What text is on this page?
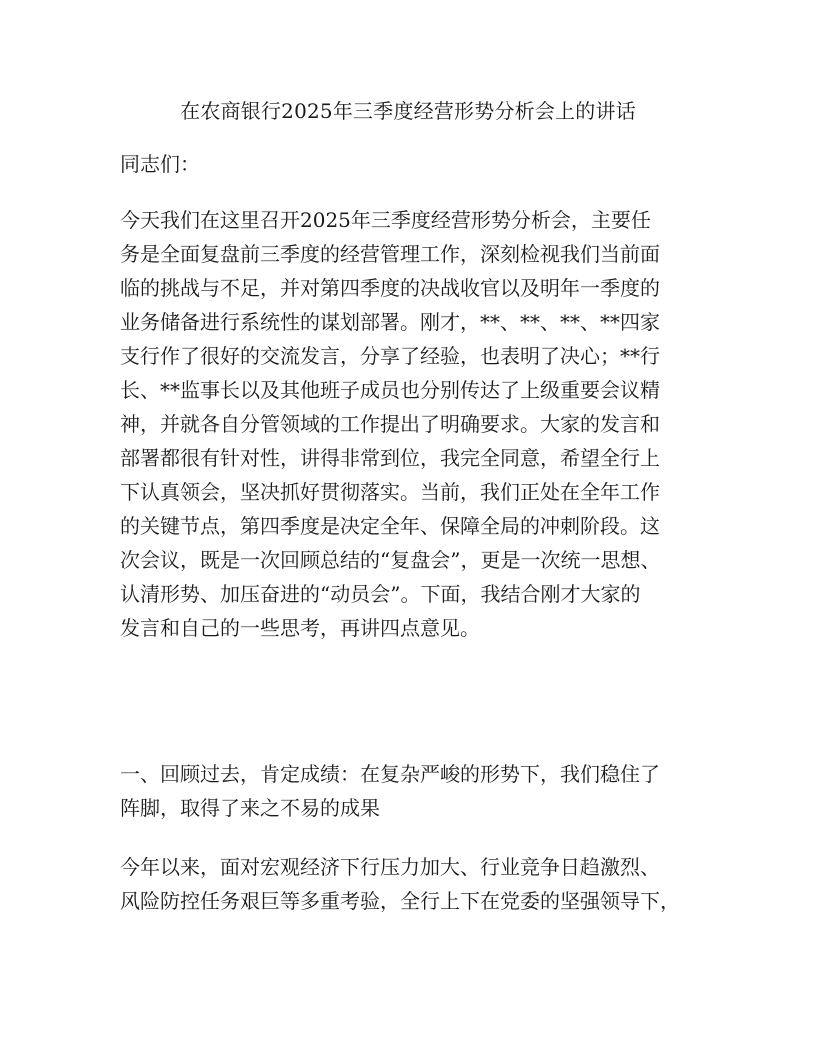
在农商银行2025年三季度经营形势分析会上的讲话
同志们：
今天我们在这里召开2025年三季度经营形势分析会，主要任
务是全面复盘前三季度的经营管理工作，深刻检视我们当前面
临的挑战与不足，并对第四季度的决战收官以及明年一季度的
业务储备进行系统性的谋划部署。刚才，**、**、**、**四家
支行作了很好的交流发言，分享了经验，也表明了决心；**行
长、**监事长以及其他班子成员也分别传达了上级重要会议精
神，并就各自分管领域的工作提出了明确要求。大家的发言和
部署都很有针对性，讲得非常到位，我完全同意，希望全行上
下认真领会，坚决抓好贯彻落实。当前，我们正处在全年工作
的关键节点，第四季度是决定全年、保障全局的冲刺阶段。这
次会议，既是一次回顾总结的“复盘会”，更是一次统一思想、
认清形势、加压奋进的“动员会”。下面，我结合刚才大家的
发言和自己的一些思考，再讲四点意见。
一、回顾过去，肯定成绩：在复杂严峻的形势下，我们稳住了
阵脚，取得了来之不易的成果
今年以来，面对宏观经济下行压力加大、行业竞争日趋激烈、
风险防控任务艰巨等多重考验，全行上下在党委的坚强领导下，
